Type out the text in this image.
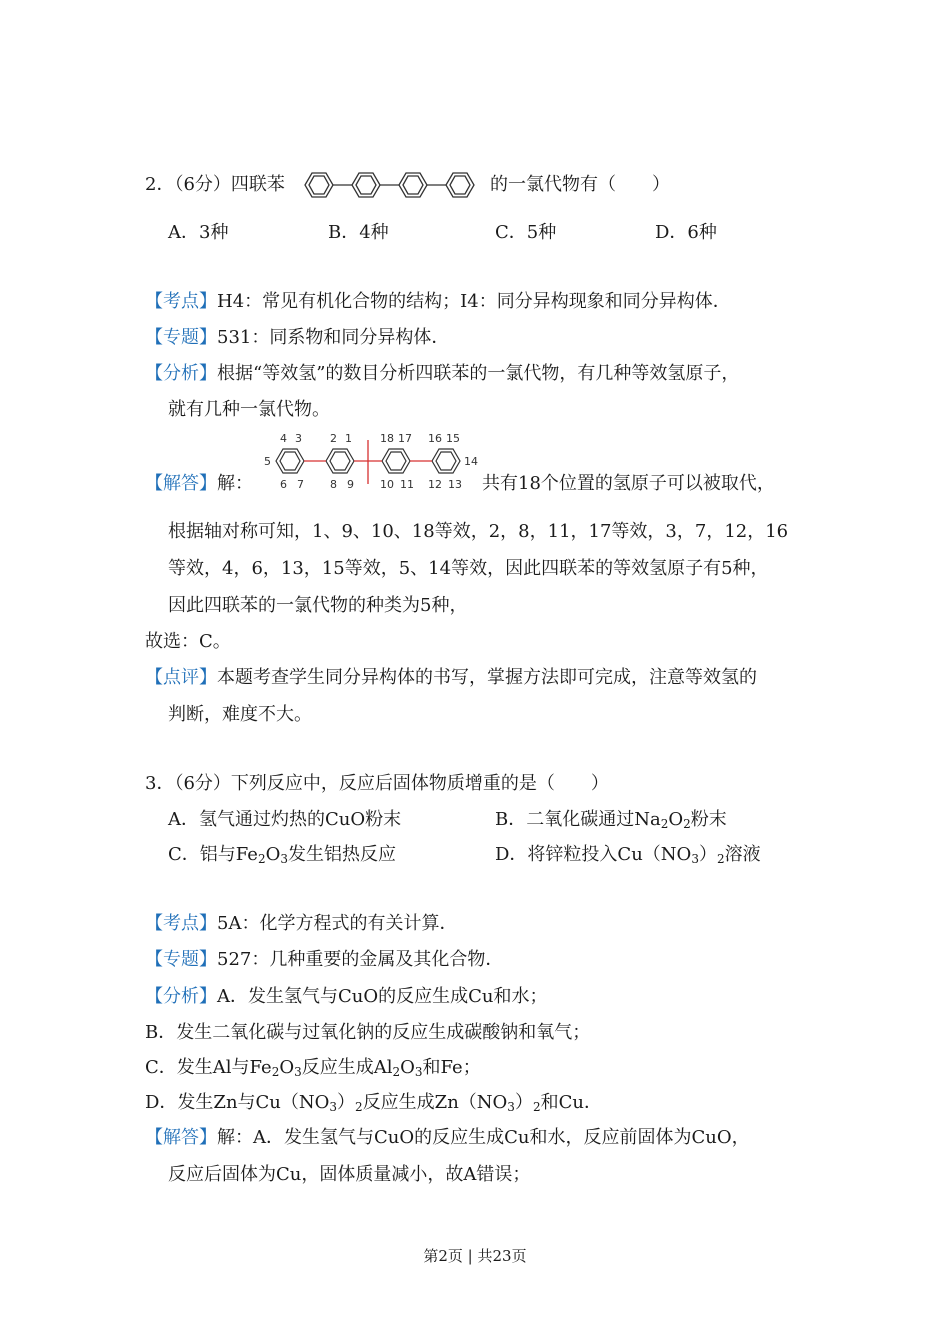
2．（6分）四联苯	的一氯代物有（　　）
A．3种	B．4种	C．5种	D．6种
【考点】H4：常见有机化合物的结构；I4：同分异构现象和同分异构体．
【专题】531：同系物和同分异构体．
【分析】根据“等效氢”的数目分析四联苯的一氯代物，有几种等效氢原子，
就有几种一氯代物。
【解答】解：
4 3	2 1	18 17 16 15
5	14
6 7 8 9 10 11 12 13 共有18个位置的氢原子可以被取代，
根据轴对称可知，1、9、10、18等效，2，8，11，17等效，3，7，12，16
等效，4，6，13，15等效，5、14等效，因此四联苯的等效氢原子有5种，
因此四联苯的一氯代物的种类为5种，
故选：C。
【点评】本题考查学生同分异构体的书写，掌握方法即可完成，注意等效氢的
判断，难度不大。
3．（6分）下列反应中，反应后固体物质增重的是（　　）
A．氢气通过灼热的CuO粉末	B．二氧化碳通过$Na_2O_2$粉末
C．铝与$Fe_2O_3$发生铝热反应	D．将锌粒投入$Cu(NO_3)_2$溶液
【考点】5A：化学方程式的有关计算．
【专题】527：几种重要的金属及其化合物．
【分析】A．发生氢气与CuO的反应生成Cu和水；
B．发生二氧化碳与过氧化钠的反应生成碳酸钠和氧气；
C．发生Al与$Fe_2O_3$反应生成$Al_2O_3$和Fe；
D．发生Zn与$Cu(NO_3)_2$反应生成$Zn(NO_3)_2$和Cu．
【解答】解：A．发生氢气与CuO的反应生成Cu和水，反应前固体为CuO，
反应后固体为Cu，固体质量减小，故A错误；
第2页 | 共23页
